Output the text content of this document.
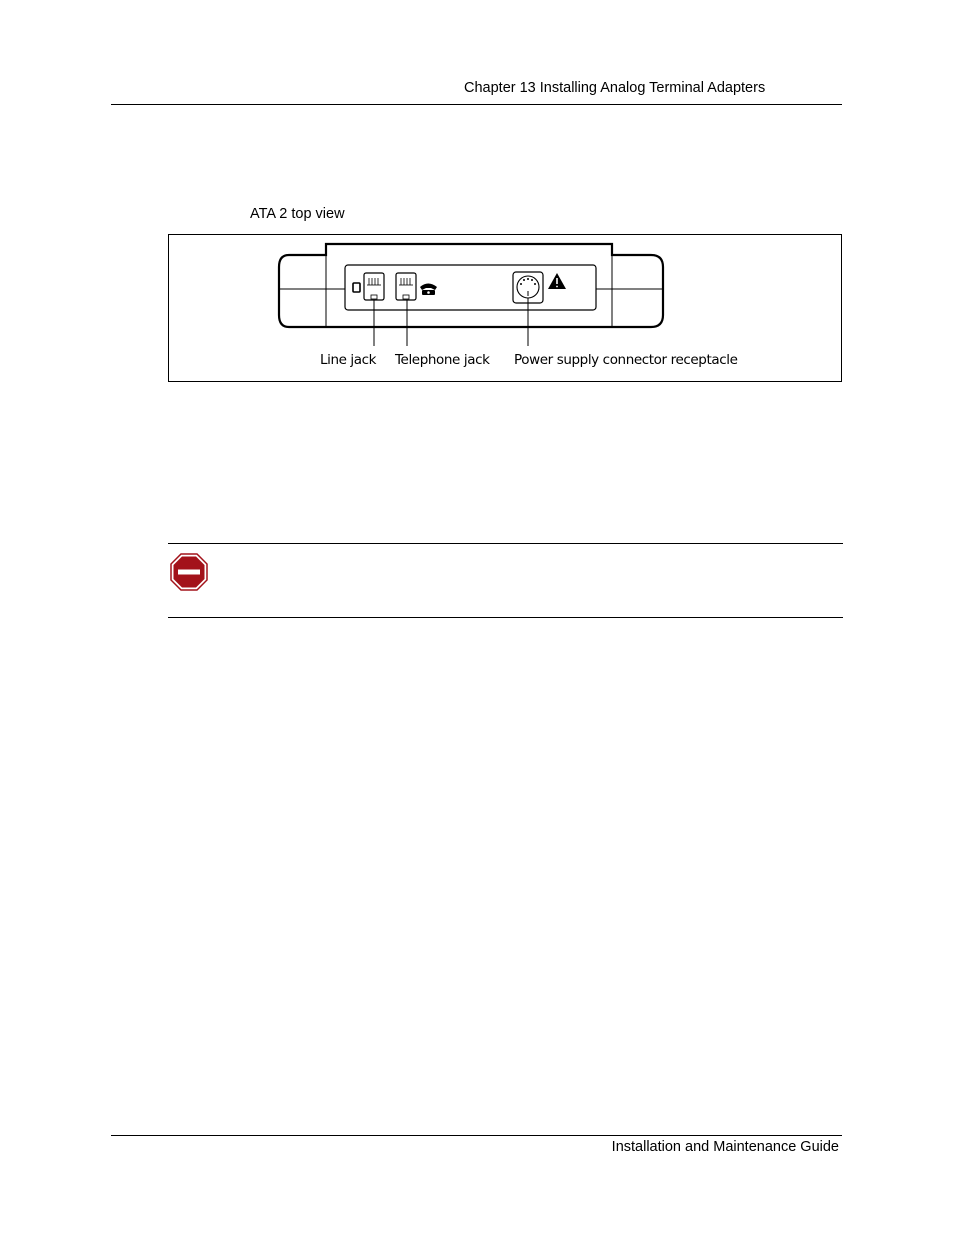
Chapter 13 Installing Analog Terminal Adapters
ATA 2 top view
Line jack Telephone jack Power supply connector receptacle
Installation and Maintenance Guide
